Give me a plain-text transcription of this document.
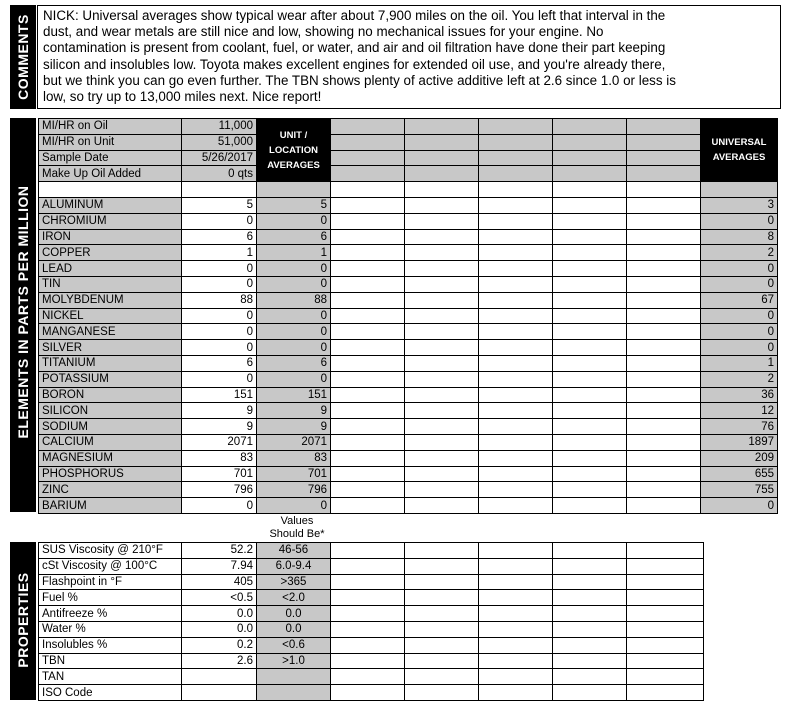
COMMENTS NICK: Universal averages show typical wear after about 7,900 miles on the oil. You left that interval in the
dust, and wear metals are still nice and low, showing no mechanical issues for your engine. No
contamination is present from coolant, fuel, or water, and air and oil filtration have done their part keeping
silicon and insolubles low. Toyota makes excellent engines for extended oil use, and you're already there,
but we think you can go even further. The TBN shows plenty of active additive left at 2.6 since 1.0 or less is
low, so try up to 13,000 miles next. Nice report!
ELEMENTS IN PARTS PER MILLION
MI/HR on Oil	11,000	UNIT / LOCATION AVERAGES						UNIVERSAL AVERAGES
MI/HR on Unit	51,000							
Sample Date	5/26/2017							
Make Up Oil Added	0 qts							

ALUMINUM	5	5						3
CHROMIUM	0	0						0
IRON	6	6						8
COPPER	1	1						2
LEAD	0	0						0
TIN	0	0						0
MOLYBDENUM	88	88						67
NICKEL	0	0						0
MANGANESE	0	0						0
SILVER	0	0						0
TITANIUM	6	6						1
POTASSIUM	0	0						2
BORON	151	151						36
SILICON	9	9						12
SODIUM	9	9						76
CALCIUM	2071	2071						1897
MAGNESIUM	83	83						209
PHOSPHORUS	701	701						655
ZINC	796	796						755
BARIUM	0	0						0
Values
Should Be*
PROPERTIES
SUS Viscosity @ 210°F	52.2	46-56					
cSt Viscosity @ 100°C	7.94	6.0-9.4					
Flashpoint in °F	405	>365					
Fuel %	<0.5	<2.0					
Antifreeze %	0.0	0.0					
Water %	0.0	0.0					
Insolubles %	0.2	<0.6					
TBN	2.6	>1.0					
TAN							
ISO Code							
